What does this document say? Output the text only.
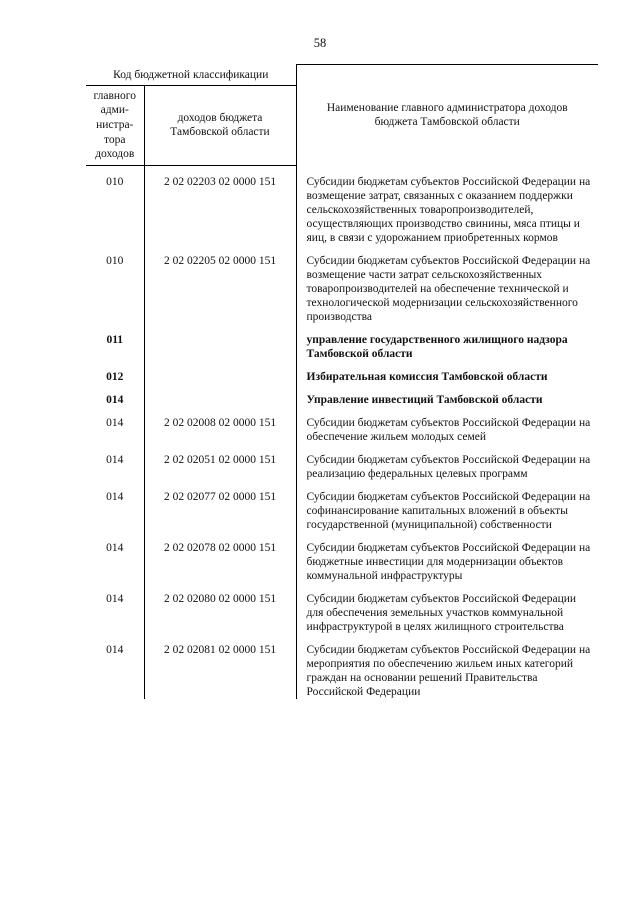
58
Код бюджетной классификации		Наименование главного администратора доходов бюджета Тамбовской области
главного адми-нистра-тора доходов	доходов бюджета Тамбовской области	
010	2 02 02203 02 0000 151	Субсидии бюджетам субъектов Российской Федерации на возмещение затрат, связанных с оказанием поддержки сельскохозяйственных товаропроизводителей, осуществляющих производство свинины, мяса птицы и яиц, в связи с удорожанием приобретенных кормов
010	2 02 02205 02 0000 151	Субсидии бюджетам субъектов Российской Федерации на возмещение части затрат сельскохозяйственных товаропроизводителей на обеспечение технической и технологической модернизации сельскохозяйственного производства
011		управление государственного жилищного надзора Тамбовской области
012		Избирательная комиссия Тамбовской области
014		Управление инвестиций Тамбовской области
014	2 02 02008 02 0000 151	Субсидии бюджетам субъектов Российской Федерации на обеспечение жильем молодых семей
014	2 02 02051 02 0000 151	Субсидии бюджетам субъектов Российской Федерации на реализацию федеральных целевых программ
014	2 02 02077 02 0000 151	Субсидии бюджетам субъектов Российской Федерации на софинансирование капитальных вложений в объекты государственной (муниципальной) собственности
014	2 02 02078 02 0000 151	Субсидии бюджетам субъектов Российской Федерации на бюджетные инвестиции для модернизации объектов коммунальной инфраструктуры
014	2 02 02080 02 0000 151	Субсидии бюджетам субъектов Российской Федерации для обеспечения земельных участков коммунальной инфраструктурой в целях жилищного строительства
014	2 02 02081 02 0000 151	Субсидии бюджетам субъектов Российской Федерации на мероприятия по обеспечению жильем иных категорий граждан на основании решений Правительства Российской Федерации
